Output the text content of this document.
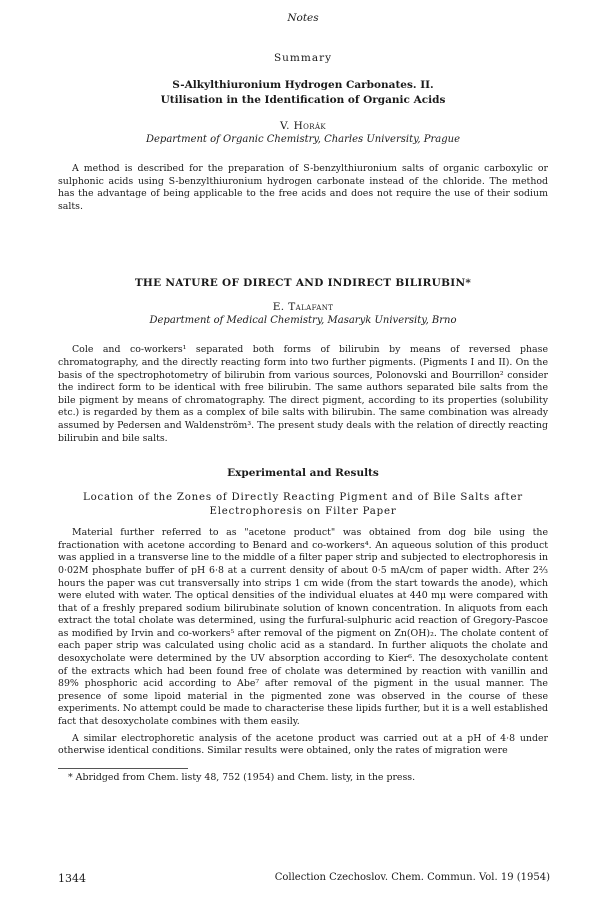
Notes
Summary
S-Alkylthiuronium Hydrogen Carbonates. II.
Utilisation in the Identification of Organic Acids
V. Horák
Department of Organic Chemistry, Charles University, Prague

A method is described for the preparation of S-benzylthiuronium salts of organic carboxylic or sulphonic acids using S-benzylthiuronium hydrogen carbonate instead of the chloride. The method has the advantage of being applicable to the free acids and does not require the use of their sodium salts.

THE NATURE OF DIRECT AND INDIRECT BILIRUBIN*
E. Talafant
Department of Medical Chemistry, Masaryk University, Brno

Cole and co-workers¹ separated both forms of bilirubin by means of reversed phase chromatography, and the directly reacting form into two further pigments. (Pigments I and II). On the basis of the spectrophotometry of bilirubin from various sources, Polonovski and Bourrillon² consider the indirect form to be identical with free bilirubin. The same authors separated bile salts from the bile pigment by means of chromatography. The direct pigment, according to its properties (solubility etc.) is regarded by them as a complex of bile salts with bilirubin. The same combination was already assumed by Pedersen and Waldenström³. The present study deals with the relation of directly reacting bilirubin and bile salts.

Experimental and Results
Location of the Zones of Directly Reacting Pigment and of Bile Salts after
Electrophoresis on Filter Paper

Material further referred to as "acetone product" was obtained from dog bile using the fractionation with acetone according to Benard and co-workers⁴. An aqueous solution of this product was applied in a transverse line to the middle of a filter paper strip and subjected to electrophoresis in 0·02M phosphate buffer of pH 6·8 at a current density of about 0·5 mA/cm of paper width. After 2⅔ hours the paper was cut transversally into strips 1 cm wide (from the start towards the anode), which were eluted with water. The optical densities of the individual eluates at 440 mμ were compared with that of a freshly prepared sodium bilirubinate solution of known concentration. In aliquots from each extract the total cholate was determined, using the furfural-sulphuric acid reaction of Gregory-Pascoe as modified by Irvin and co-workers⁵ after removal of the pigment on Zn(OH)₂. The cholate content of each paper strip was calculated using cholic acid as a standard. In further aliquots the cholate and desoxycholate were determined by the UV absorption according to Kier⁶. The desoxycholate content of the extracts which had been found free of cholate was determined by reaction with vanillin and 89% phosphoric acid according to Abe⁷ after removal of the pigment in the usual manner. The presence of some lipoid material in the pigmented zone was observed in the course of these experiments. No attempt could be made to characterise these lipids further, but it is a well established fact that desoxycholate combines with them easily.

A similar electrophoretic analysis of the acetone product was carried out at a pH of 4·8 under otherwise identical conditions. Similar results were obtained, only the rates of migration were

* Abridged from Chem. listy 48, 752 (1954) and Chem. listy, in the press.
1344	Collection Czechoslov. Chem. Commun. Vol. 19 (1954)
